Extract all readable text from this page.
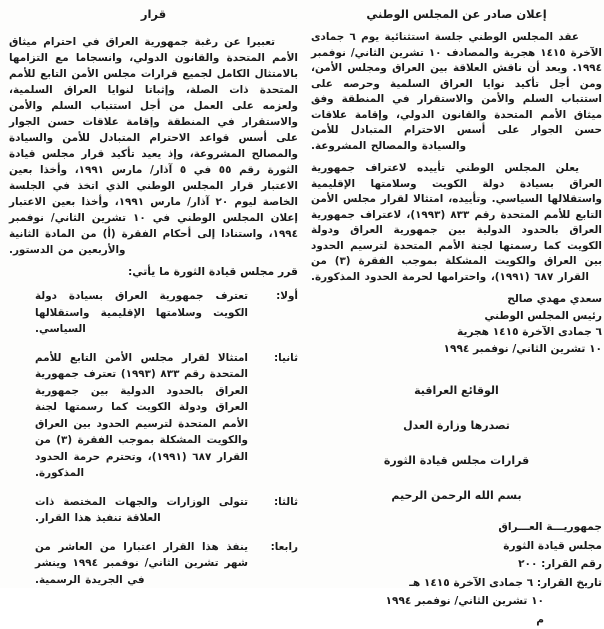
قرار

تعبيرا عن رغبة جمهورية العراق في احترام ميثاق الأمم المتحدة والقانون الدولي، وانسجاما مع التزامها بالامتثال الكامل لجميع قرارات مجلس الأمن التابع للأمم المتحدة ذات الصلة، وإثباتا لنوايا العراق السلمية، ولعزمه على العمل من أجل استتباب السلم والأمن والاستقرار في المنطقة وإقامة علاقات حسن الجوار على أسس قواعد الاحترام المتبادل للأمن والسيادة والمصالح المشروعة، وإذ يعيد تأكيد قرار مجلس قيادة الثورة رقم ٥٥ في ٥ آذار/ مارس ١٩٩١، وأخذا بعين الاعتبار قرار المجلس الوطني الذي اتخذ في الجلسة الخاصة ليوم ٢٠ آذار/ مارس ١٩٩١، وأخذا بعين الاعتبار إعلان المجلس الوطني في ١٠ تشرين الثاني/ نوفمبر ١٩٩٤، واستنادا إلى أحكام الفقرة (أ) من المادة الثانية والأربعين من الدستور.

قرر مجلس قيادة الثورة ما يأتي:

أولا:
تعترف جمهورية العراق بسيادة دولة الكويت وسلامتها الإقليمية واستقلالها السياسي.
ثانيا:
امتثالا لقرار مجلس الأمن التابع للأمم المتحدة رقم ٨٣٣ (١٩٩٣) تعترف جمهورية العراق بالحدود الدولية بين جمهورية العراق ودولة الكويت كما رسمتها لجنة الأمم المتحدة لترسيم الحدود بين العراق والكويت المشكلة بموجب الفقرة (٣) من القرار ٦٨٧ (١٩٩١)، وتحترم حرمة الحدود المذكورة.
ثالثا:
تتولى الوزارات والجهات المختصة ذات العلاقة تنفيذ هذا القرار.
رابعا:
ينفذ هذا القرار اعتبارا من العاشر من شهر تشرين الثاني/ نوفمبر ١٩٩٤ وينشر في الجريدة الرسمية.
إعلان صادر عن المجلس الوطني

عقد المجلس الوطني جلسة استثنائية يوم ٦ جمادى الآخرة ١٤١٥ هجرية والمصادف ١٠ تشرين الثاني/ نوفمبر ١٩٩٤. وبعد أن ناقش العلاقة بين العراق ومجلس الأمن، ومن أجل تأكيد نوايا العراق السلمية وحرصه على استتباب السلم والأمن والاستقرار في المنطقة وفق ميثاق الأمم المتحدة والقانون الدولي، وإقامة علاقات حسن الجوار على أسس الاحترام المتبادل للأمن والسيادة والمصالح المشروعة.

يعلن المجلس الوطني تأييده لاعتراف جمهورية العراق بسيادة دولة الكويت وسلامتها الإقليمية واستقلالها السياسي. وتأييده، امتثالا لقرار مجلس الأمن التابع للأمم المتحدة رقم ٨٣٣ (١٩٩٣)، لاعتراف جمهورية العراق بالحدود الدولية بين جمهورية العراق ودولة الكويت كما رسمتها لجنة الأمم المتحدة لترسيم الحدود بين العراق والكويت المشكلة بموجب الفقرة (٣) من القرار ٦٨٧ (١٩٩١)، واحترامها لحرمة الحدود المذكورة.

سعدي مهدي صالح
رئيس المجلس الوطني
٦ جمادى الآخرة ١٤١٥ هجرية
١٠ تشرين الثاني/ نوفمبر ١٩٩٤
الوقائع العراقية
تصدرها وزارة العدل
قرارات مجلس قيادة الثورة
بسم الله الرحمن الرحيم
جمهوريـــة العـــراق
مجلس قيادة الثورة
رقم القرار: ٢٠٠
تاريخ القرار: ٦ جمادى الآخرة ١٤١٥ هـ
١٠ تشرين الثاني/ نوفمبر ١٩٩٤ م
